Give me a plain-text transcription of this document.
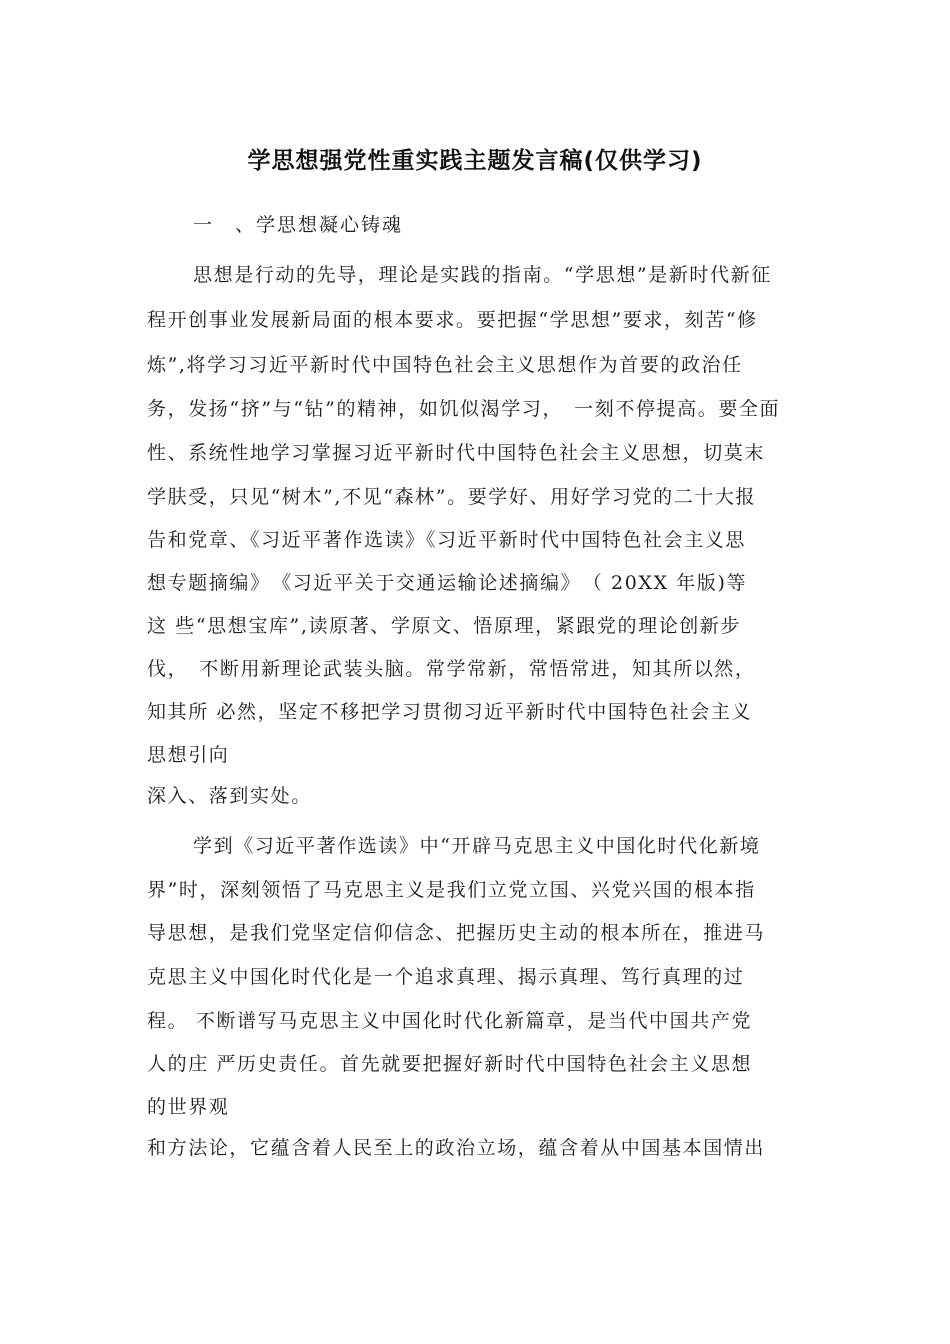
学思想强党性重实践主题发言稿(仅供学习)
一　、学思想凝心铸魂
思想是行动的先导，理论是实践的指南。“学思想”是新时代新征
程开创事业发展新局面的根本要求。要把握“学思想”要求，刻苦“修
炼”,将学习习近平新时代中国特色社会主义思想作为首要的政治任
务，发扬“挤”与“钻”的精神，如饥似渴学习，　一刻不停提高。要全面
性、系统性地学习掌握习近平新时代中国特色社会主义思想，切莫末
学肤受，只见“树木”,不见“森林”。要学好、用好学习党的二十大报
告和党章、《习近平著作选读》《习近平新时代中国特色社会主义思
想专题摘编》　《习近平关于交通运输论述摘编》　（ 20XX 年版)等
这 些“思想宝库”,读原著、学原文、悟原理，紧跟党的理论创新步
伐，　不断用新理论武装头脑。常学常新，常悟常进，知其所以然，
知其所 必然，坚定不移把学习贯彻习近平新时代中国特色社会主义
思想引向
深入、落到实处。
学到《习近平著作选读》中“开辟马克思主义中国化时代化新境
界”时，深刻领悟了马克思主义是我们立党立国、兴党兴国的根本指
导思想，是我们党坚定信仰信念、把握历史主动的根本所在，推进马
克思主义中国化时代化是一个追求真理、揭示真理、笃行真理的过
程。 不断谱写马克思主义中国化时代化新篇章，是当代中国共产党
人的庄 严历史责任。首先就要把握好新时代中国特色社会主义思想
的世界观
和方法论，它蕴含着人民至上的政治立场，蕴含着从中国基本国情出
